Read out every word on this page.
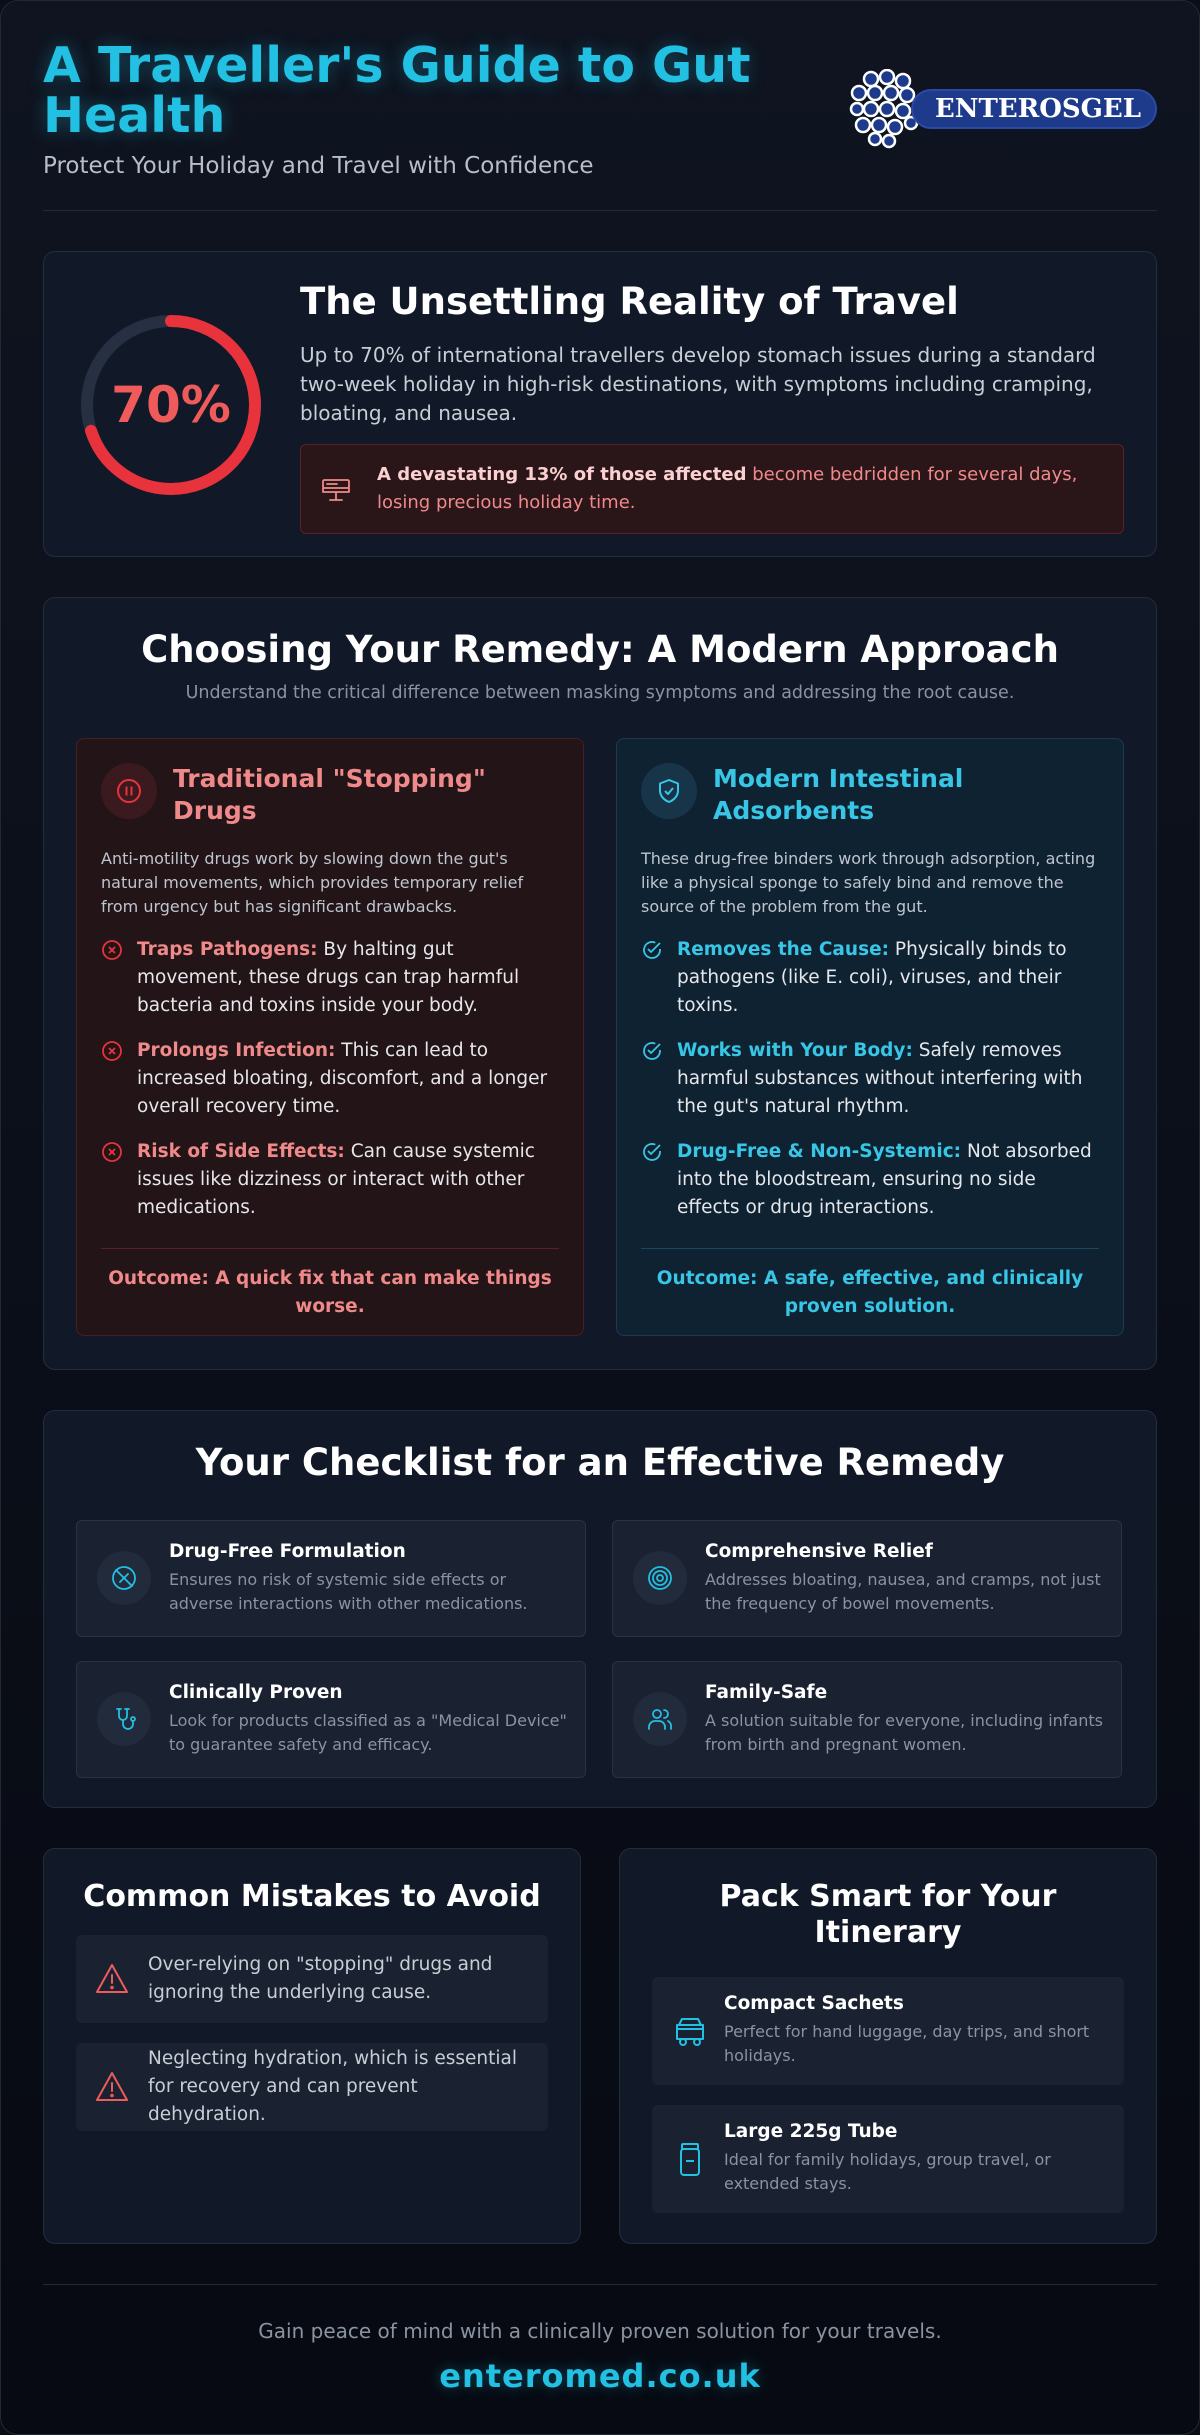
A Traveller's Guide to Gut Health
Protect Your Holiday and Travel with Confidence
ENTEROSGEL
70%
The Unsettling Reality of Travel
Up to 70% of international travellers develop stomach issues during a standard two-week holiday in high-risk destinations, with symptoms including cramping, bloating, and nausea.
A devastating 13% of those affected become bedridden for several days, losing precious holiday time.
Choosing Your Remedy: A Modern Approach
Understand the critical difference between masking symptoms and addressing the root cause.
Traditional "Stopping" Drugs
Anti-motility drugs work by slowing down the gut's natural movements, which provides temporary relief from urgency but has significant drawbacks.
Traps Pathogens: By halting gut movement, these drugs can trap harmful bacteria and toxins inside your body.
Prolongs Infection: This can lead to increased bloating, discomfort, and a longer overall recovery time.
Risk of Side Effects: Can cause systemic issues like dizziness or interact with other medications.
Outcome: A quick fix that can make things worse.
Modern Intestinal Adsorbents
These drug-free binders work through adsorption, acting like a physical sponge to safely bind and remove the source of the problem from the gut.
Removes the Cause: Physically binds to pathogens (like E. coli), viruses, and their toxins.
Works with Your Body: Safely removes harmful substances without interfering with the gut's natural rhythm.
Drug-Free & Non-Systemic: Not absorbed into the bloodstream, ensuring no side effects or drug interactions.
Outcome: A safe, effective, and clinically proven solution.
Your Checklist for an Effective Remedy
Drug-Free Formulation
Ensures no risk of systemic side effects or adverse interactions with other medications.
Comprehensive Relief
Addresses bloating, nausea, and cramps, not just the frequency of bowel movements.
Clinically Proven
Look for products classified as a "Medical Device" to guarantee safety and efficacy.
Family-Safe
A solution suitable for everyone, including infants from birth and pregnant women.
Common Mistakes to Avoid
Over-relying on "stopping" drugs and ignoring the underlying cause.
Neglecting hydration, which is essential for recovery and can prevent dehydration.
Pack Smart for Your Itinerary
Compact Sachets
Perfect for hand luggage, day trips, and short holidays.
Large 225g Tube
Ideal for family holidays, group travel, or extended stays.
Gain peace of mind with a clinically proven solution for your travels.
enteromed.co.uk
